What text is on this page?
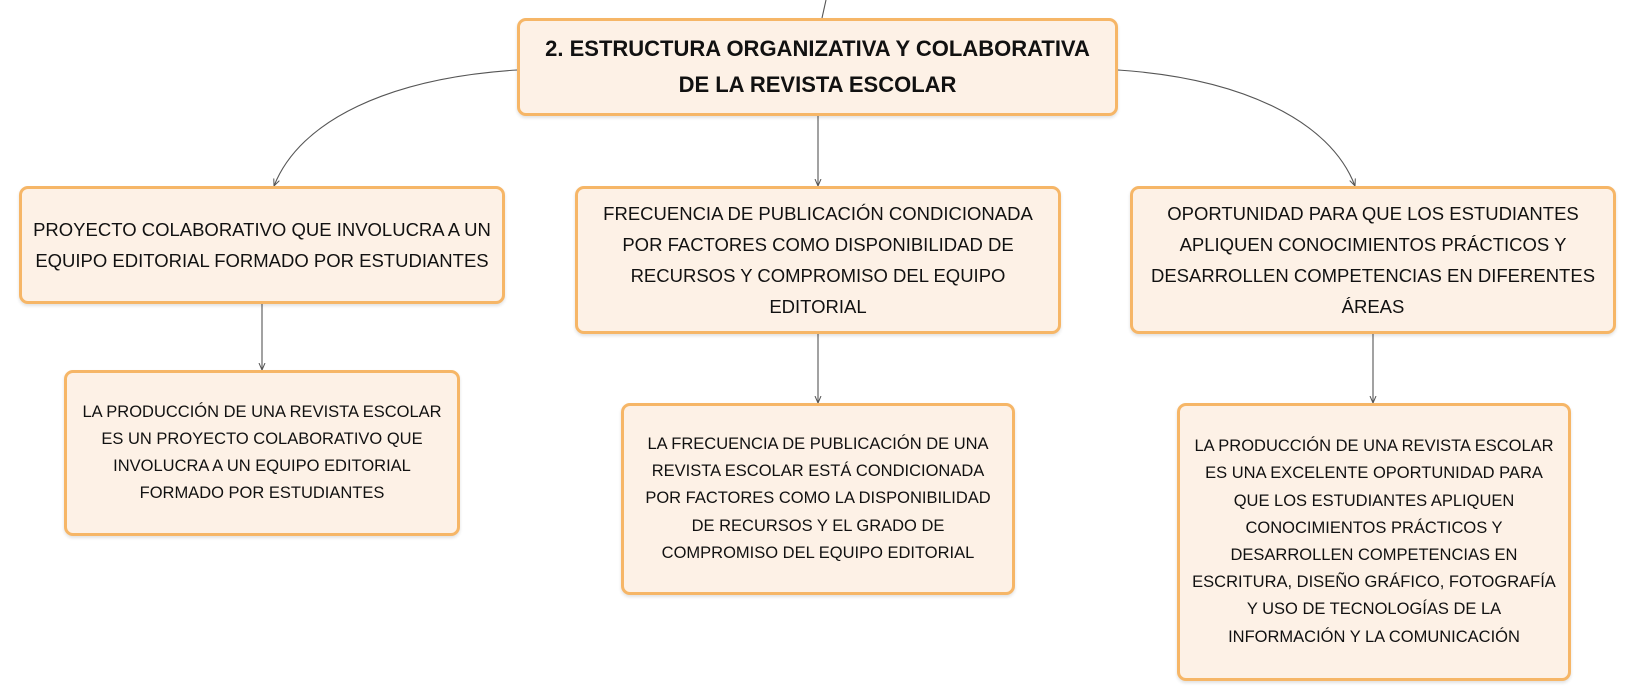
2. ESTRUCTURA ORGANIZATIVA Y COLABORATIVA DE LA REVISTA ESCOLAR
PROYECTO COLABORATIVO QUE INVOLUCRA A UN EQUIPO EDITORIAL FORMADO POR ESTUDIANTES
FRECUENCIA DE PUBLICACIÓN CONDICIONADA POR FACTORES COMO DISPONIBILIDAD DE RECURSOS Y COMPROMISO DEL EQUIPO EDITORIAL
OPORTUNIDAD PARA QUE LOS ESTUDIANTES APLIQUEN CONOCIMIENTOS PRÁCTICOS Y DESARROLLEN COMPETENCIAS EN DIFERENTES ÁREAS
LA PRODUCCIÓN DE UNA REVISTA ESCOLAR ES UN PROYECTO COLABORATIVO QUE INVOLUCRA A UN EQUIPO EDITORIAL FORMADO POR ESTUDIANTES
LA FRECUENCIA DE PUBLICACIÓN DE UNA REVISTA ESCOLAR ESTÁ CONDICIONADA POR FACTORES COMO LA DISPONIBILIDAD DE RECURSOS Y EL GRADO DE COMPROMISO DEL EQUIPO EDITORIAL
LA PRODUCCIÓN DE UNA REVISTA ESCOLAR ES UNA EXCELENTE OPORTUNIDAD PARA QUE LOS ESTUDIANTES APLIQUEN CONOCIMIENTOS PRÁCTICOS Y DESARROLLEN COMPETENCIAS EN ESCRITURA, DISEÑO GRÁFICO, FOTOGRAFÍA Y USO DE TECNOLOGÍAS DE LA INFORMACIÓN Y LA COMUNICACIÓN
